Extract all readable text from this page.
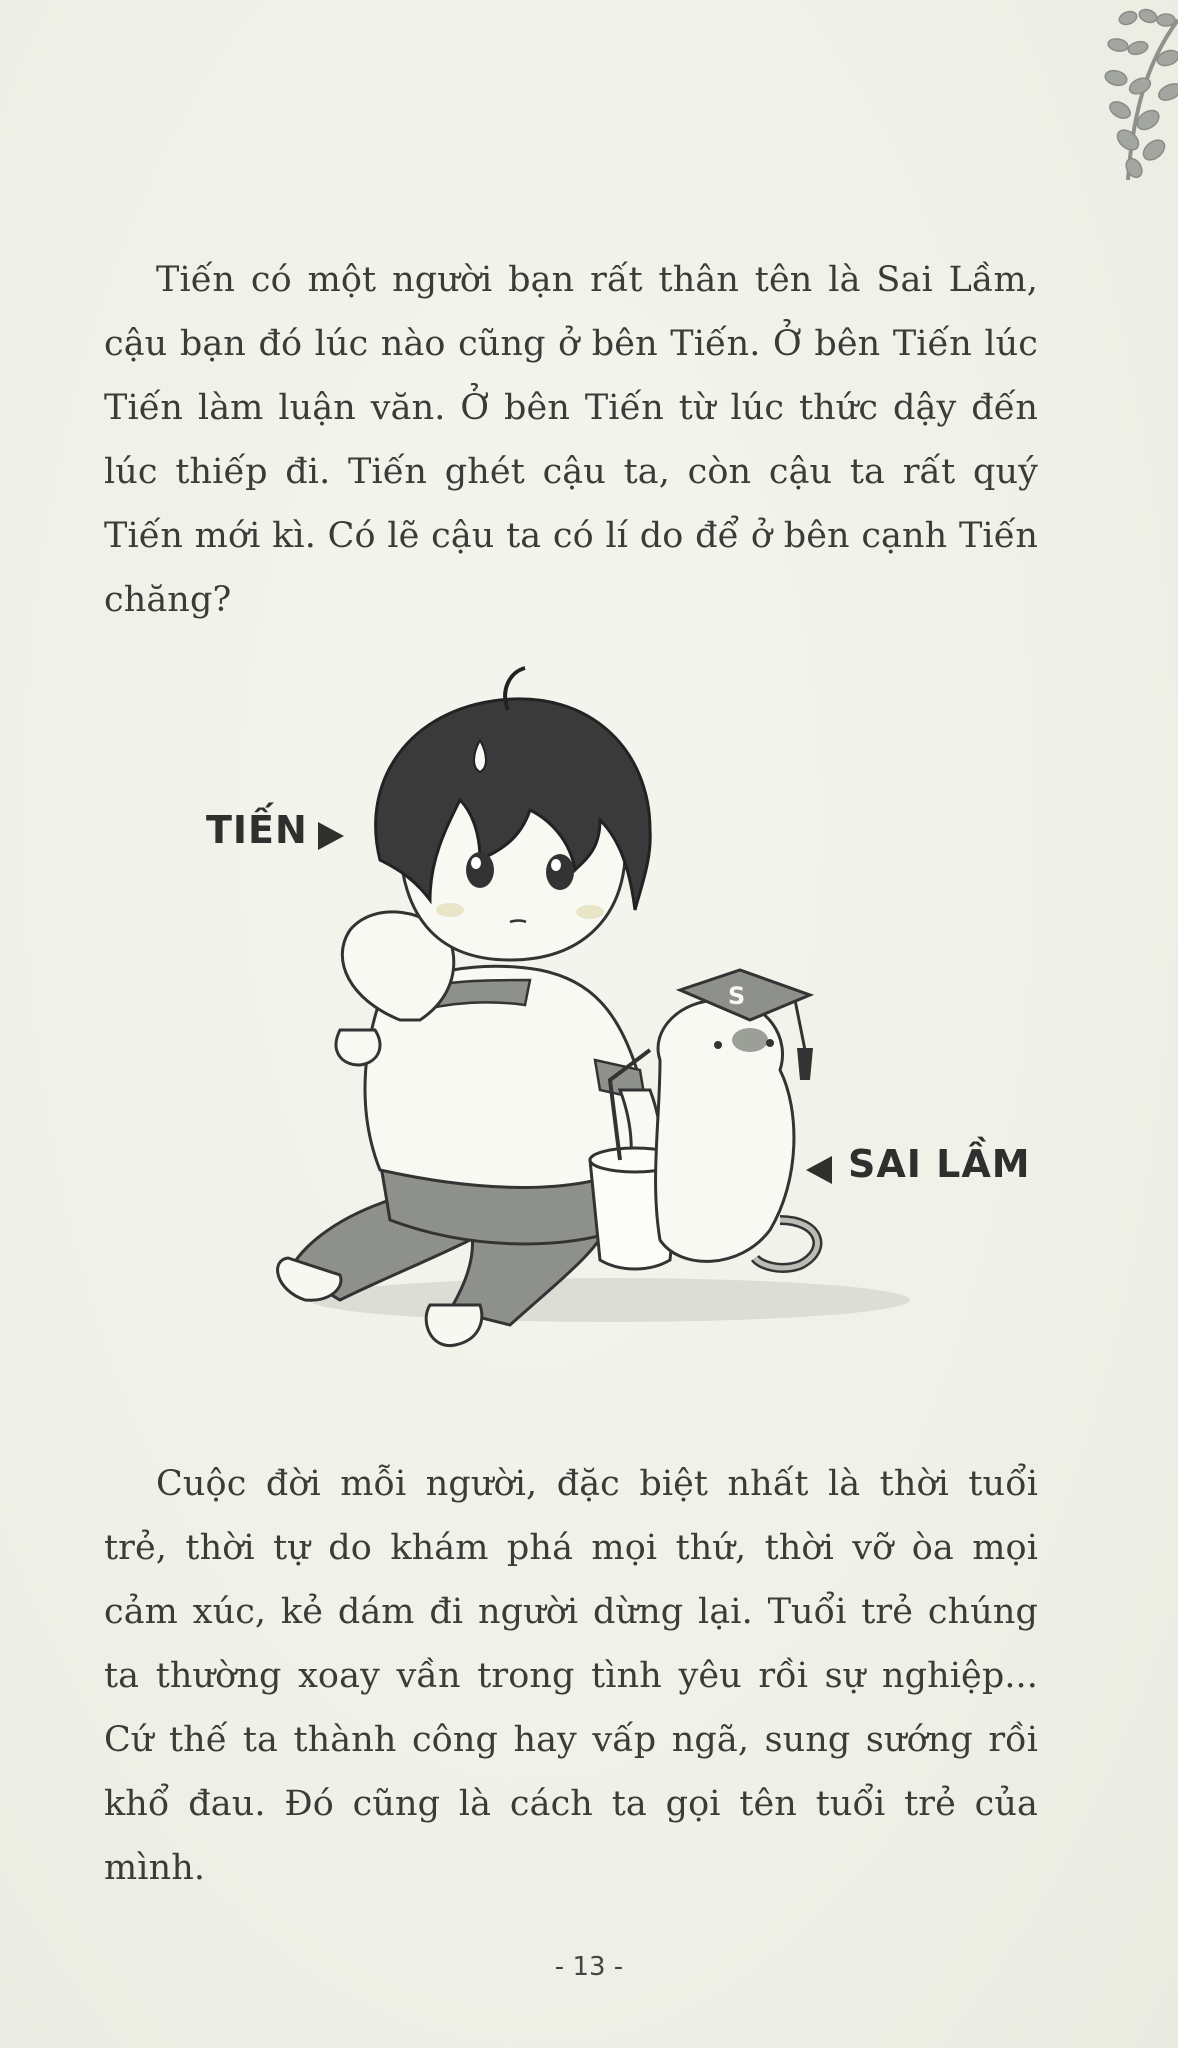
Tiến có một người bạn rất thân tên là Sai Lầm, cậu bạn đó lúc nào cũng ở bên Tiến. Ở bên Tiến lúc Tiến làm luận văn. Ở bên Tiến từ lúc thức dậy đến lúc thiếp đi. Tiến ghét cậu ta, còn cậu ta rất quý Tiến mới kì. Có lẽ cậu ta có lí do để ở bên cạnh Tiến chăng?

S
TIẾN
SAI LẦM

Cuộc đời mỗi người, đặc biệt nhất là thời tuổi trẻ, thời tự do khám phá mọi thứ, thời vỡ òa mọi cảm xúc, kẻ dám đi người dừng lại. Tuổi trẻ chúng ta thường xoay vần trong tình yêu rồi sự nghiệp... Cứ thế ta thành công hay vấp ngã, sung sướng rồi khổ đau. Đó cũng là cách ta gọi tên tuổi trẻ của mình.

- 13 -
